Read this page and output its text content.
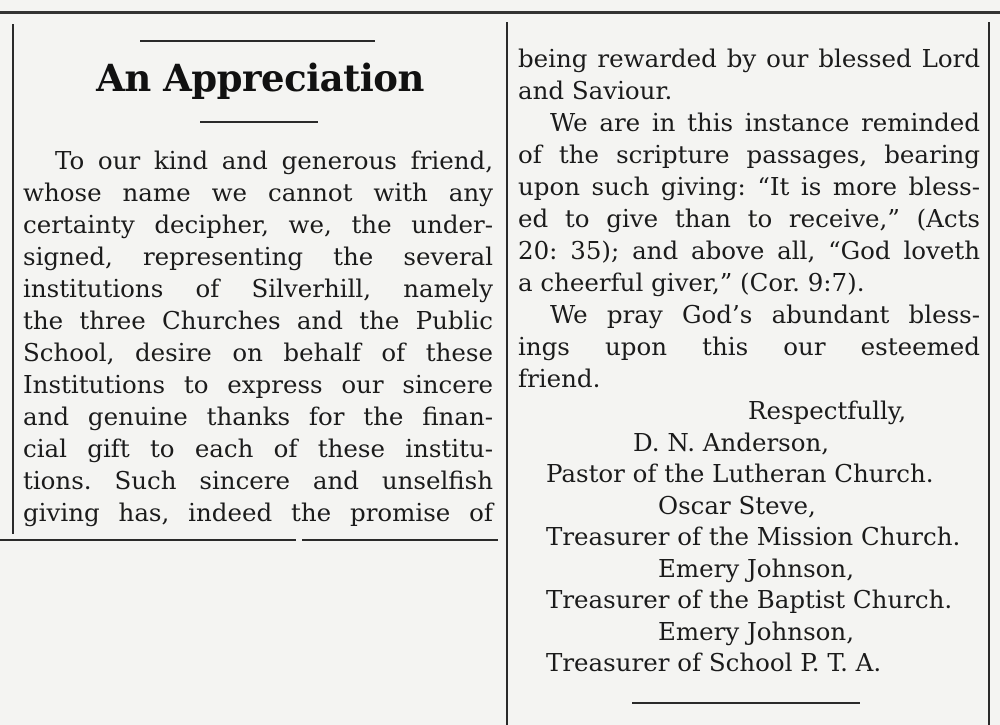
An Appreciation
To our kind and generous friend,
whose name we cannot with any
certainty decipher, we, the under-
signed, representing the several
institutions of Silverhill, namely
the three Churches and the Public
School, desire on behalf of these
Institutions to express our sincere
and genuine thanks for the finan-
cial gift to each of these institu-
tions. Such sincere and unselfish
giving has, indeed the promise of
being rewarded by our blessed Lord
and Saviour.
We are in this instance reminded
of the scripture passages, bearing
upon such giving: “It is more bless-
ed to give than to receive,” (Acts
20: 35); and above all, “God loveth
a cheerful giver,” (Cor. 9:7).
We pray God’s abundant bless-
ings upon this our esteemed
friend.
Respectfully,
D. N. Anderson,
Pastor of the Lutheran Church.
Oscar Steve,
Treasurer of the Mission Church.
Emery Johnson,
Treasurer of the Baptist Church.
Emery Johnson,
Treasurer of School P. T. A.
